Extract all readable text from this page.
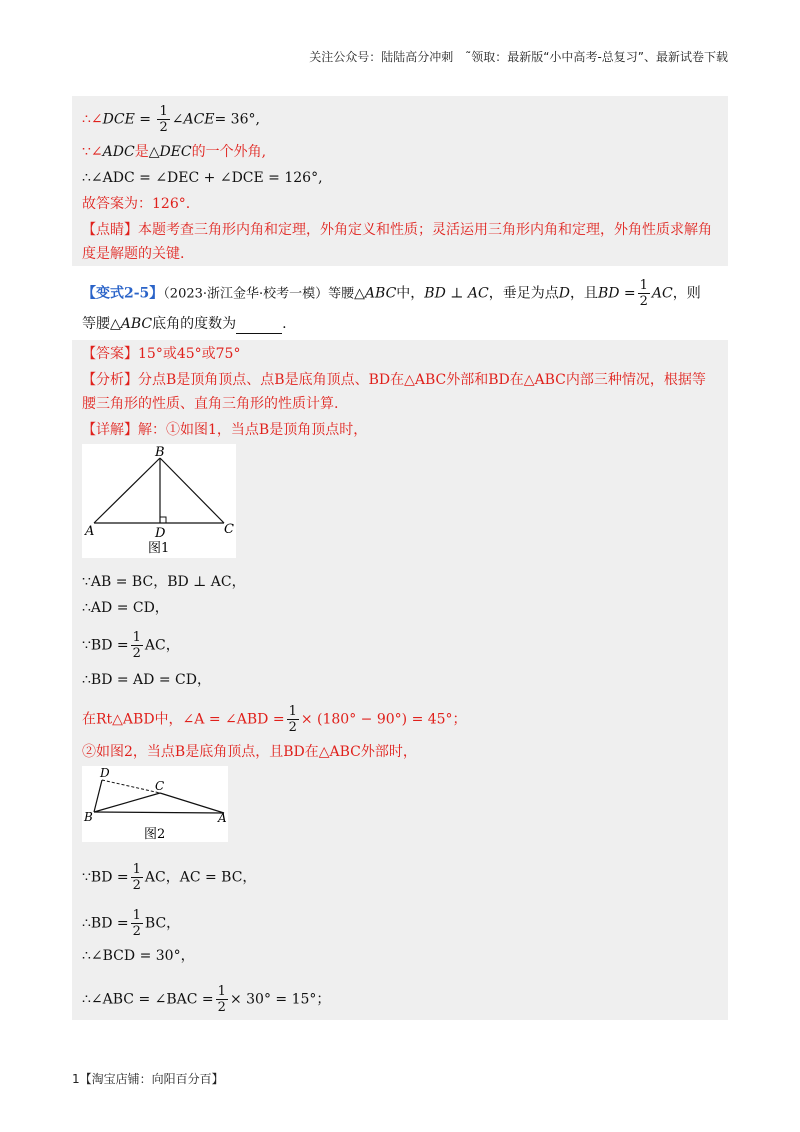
关注公众号：陆陆高分冲刺　˜领取：最新版“小中高考-总复习”、最新试卷下载
∴∠DCE = $\frac{1}{2}$ ∠ACE= 36°,
∵∠ADC是△DEC的一个外角,
∴∠ADC = ∠DEC + ∠DCE = 126°,
故答案为：126°.
【点睛】本题考查三角形内角和定理，外角定义和性质；灵活运用三角形内角和定理，外角性质求解角
度是解题的关键.
【变式2-5】（2023·浙江金华·校考一模）等腰△ABC中，BD ⊥ AC，垂足为点D，且BD = $\frac{1}{2}$ AC，则
等腰△ABC底角的度数为	.
【答案】15°或45°或75°
【分析】分点B是顶角顶点、点B是底角顶点、BD在△ABC外部和BD在△ABC内部三种情况，根据等
腰三角形的性质、直角三角形的性质计算.
【详解】解：①如图1，当点B是顶角顶点时，
B
A	C
D
图1
∵AB = BC，BD ⊥ AC，
∴AD = CD，
∵BD = $\frac{1}{2}$ AC，
∴BD = AD = CD，
在Rt△ABD中，∠A = ∠ABD = $\frac{1}{2} \times (180^\circ - 90^\circ) = 45^\circ$；
②如图2，当点B是底角顶点，且BD在△ABC外部时，
D
C
B	A
图2
∵BD = $\frac{1}{2}$ AC，AC = BC，
∴BD = $\frac{1}{2}$ BC，
∴∠BCD = 30°，
∴∠ABC = ∠BAC = $\frac{1}{2} \times 30^\circ = 15^\circ$；
1【淘宝店铺：向阳百分百】
